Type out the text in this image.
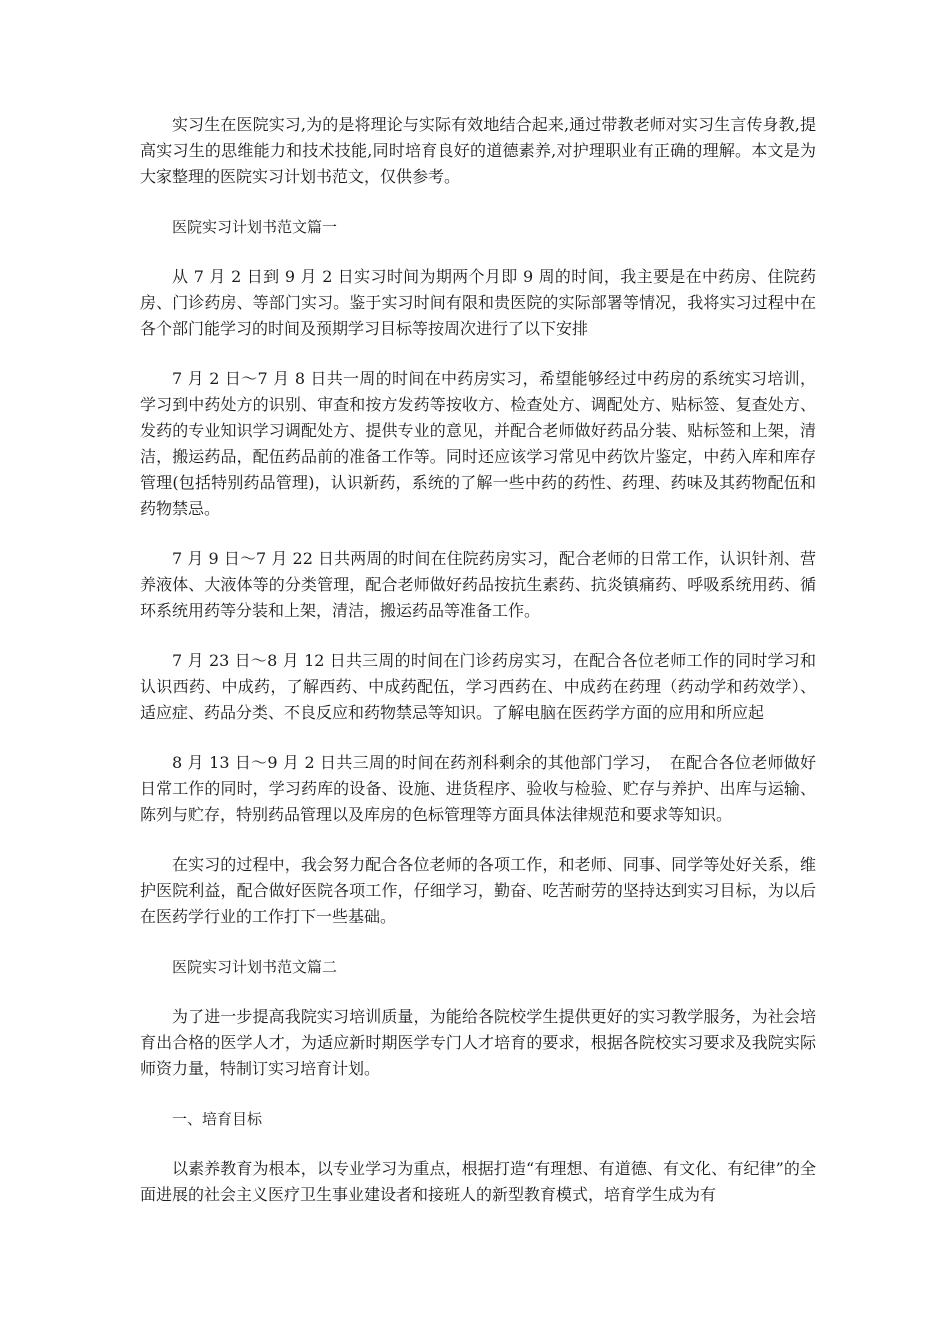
实习生在医院实习,为的是将理论与实际有效地结合起来,通过带教老师对实习生言传身教,提高实习生的思维能力和技术技能,同时培育良好的道德素养,对护理职业有正确的理解。本文是为大家整理的医院实习计划书范文，仅供参考。

医院实习计划书范文篇一

从 7 月 2 日到 9 月 2 日实习时间为期两个月即 9 周的时间，我主要是在中药房、住院药房、门诊药房、等部门实习。鉴于实习时间有限和贵医院的实际部署等情况，我将实习过程中在各个部门能学习的时间及预期学习目标等按周次进行了以下安排

7 月 2 日～7 月 8 日共一周的时间在中药房实习，希望能够经过中药房的系统实习培训，学习到中药处方的识别、审查和按方发药等按收方、检查处方、调配处方、贴标签、复查处方、发药的专业知识学习调配处方、提供专业的意见，并配合老师做好药品分装、贴标签和上架，清洁，搬运药品，配伍药品前的准备工作等。同时还应该学习常见中药饮片鉴定，中药入库和库存管理(包括特别药品管理)，认识新药，系统的了解一些中药的药性、药理、药味及其药物配伍和药物禁忌。

7 月 9 日～7 月 22 日共两周的时间在住院药房实习，配合老师的日常工作，认识针剂、营养液体、大液体等的分类管理，配合老师做好药品按抗生素药、抗炎镇痛药、呼吸系统用药、循环系统用药等分装和上架，清洁，搬运药品等准备工作。

7 月 23 日～8 月 12 日共三周的时间在门诊药房实习，在配合各位老师工作的同时学习和认识西药、中成药，了解西药、中成药配伍，学习西药在、中成药在药理（药动学和药效学）、适应症、药品分类、不良反应和药物禁忌等知识。了解电脑在医药学方面的应用和所应起

8 月 13 日～9 月 2 日共三周的时间在药剂科剩余的其他部门学习，　在配合各位老师做好日常工作的同时，学习药库的设备、设施、进货程序、验收与检验、贮存与养护、出库与运输、陈列与贮存，特别药品管理以及库房的色标管理等方面具体法律规范和要求等知识。

在实习的过程中，我会努力配合各位老师的各项工作，和老师、同事、同学等处好关系，维护医院利益，配合做好医院各项工作，仔细学习，勤奋、吃苦耐劳的坚持达到实习目标，为以后在医药学行业的工作打下一些基础。

医院实习计划书范文篇二

为了进一步提高我院实习培训质量，为能给各院校学生提供更好的实习教学服务，为社会培育出合格的医学人才，为适应新时期医学专门人才培育的要求，根据各院校实习要求及我院实际师资力量，特制订实习培育计划。

一、培育目标

以素养教育为根本，以专业学习为重点，根据打造“有理想、有道德、有文化、有纪律”的全面进展的社会主义医疗卫生事业建设者和接班人的新型教育模式，培育学生成为有
